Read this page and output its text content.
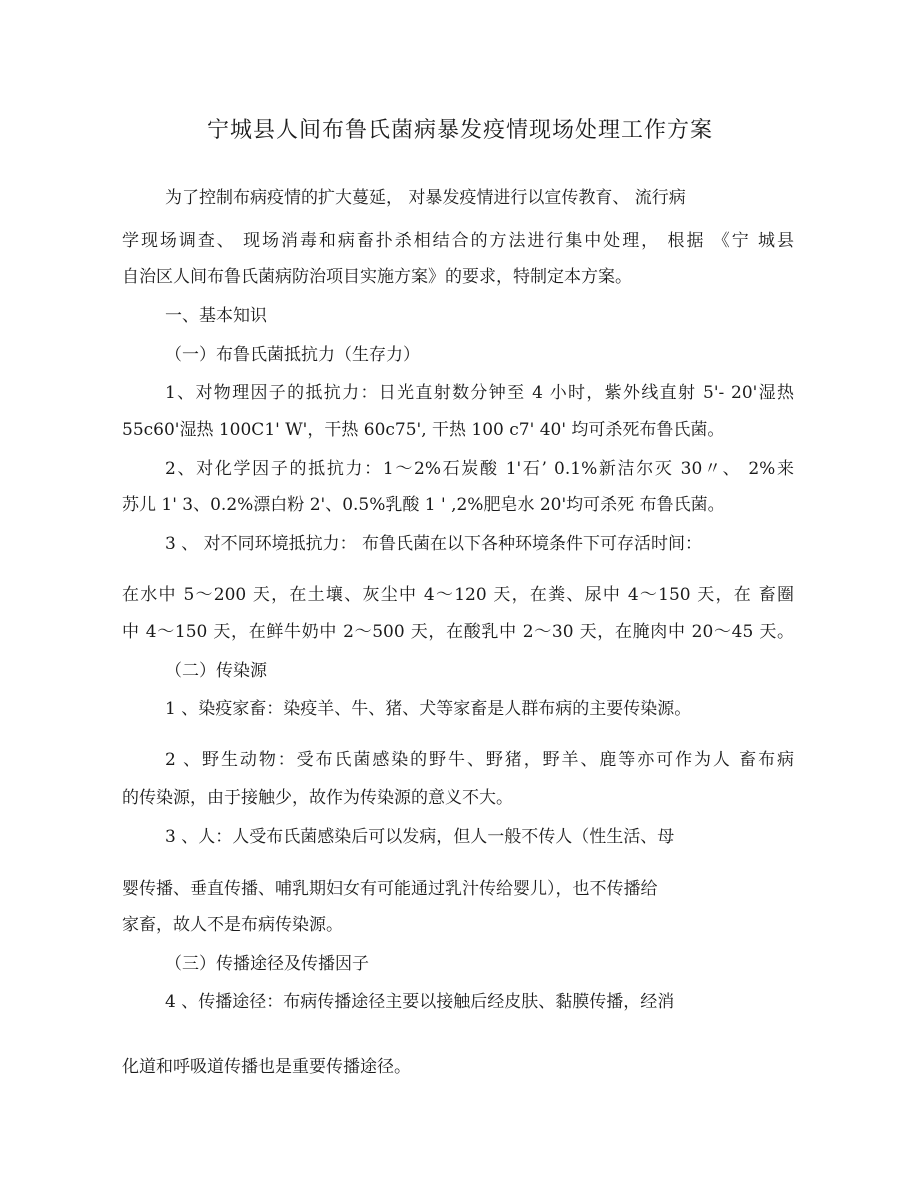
宁城县人间布鲁氏菌病暴发疫情现场处理工作方案
为了控制布病疫情的扩大蔓延， 对暴发疫情进行以宣传教育、 流行病
学现场调查、 现场消毒和病畜扑杀相结合的方法进行集中处理， 根据 《宁 城县
自治区人间布鲁氏菌病防治项目实施方案》的要求，特制定本方案。
一、基本知识
（一）布鲁氏菌抵抗力（生存力）
1、对物理因子的抵抗力：日光直射数分钟至 4 小时，紫外线直射 5'- 20'湿热
55c60'湿热 100C1' W'，干热 60c75', 干热 100 c7' 40' 均可杀死布鲁氏菌。
2、对化学因子的抵抗力：1～2%石炭酸 1'石’ 0.1%新洁尔灭 30〃、 2%来
苏儿 1' 3、0.2%漂白粉 2'、0.5%乳酸 1 ' ,2%肥皂水 20'均可杀死 布鲁氏菌。
3 、 对不同环境抵抗力： 布鲁氏菌在以下各种环境条件下可存活时间：
在水中 5～200 天，在土壤、灰尘中 4～120 天，在粪、尿中 4～150 天，在 畜圈
中 4～150 天，在鲜牛奶中 2～500 天，在酸乳中 2～30 天，在腌肉中 20～45 天。
（二）传染源
1 、染疫家畜：染疫羊、牛、猪、犬等家畜是人群布病的主要传染源。
2 、野生动物：受布氏菌感染的野牛、野猪，野羊、鹿等亦可作为人 畜布病
的传染源，由于接触少，故作为传染源的意义不大。
3 、人：人受布氏菌感染后可以发病，但人一般不传人（性生活、母
婴传播、垂直传播、哺乳期妇女有可能通过乳汁传给婴儿），也不传播给
家畜，故人不是布病传染源。
（三）传播途径及传播因子
4 、传播途径：布病传播途径主要以接触后经皮肤、黏膜传播，经消
化道和呼吸道传播也是重要传播途径。
